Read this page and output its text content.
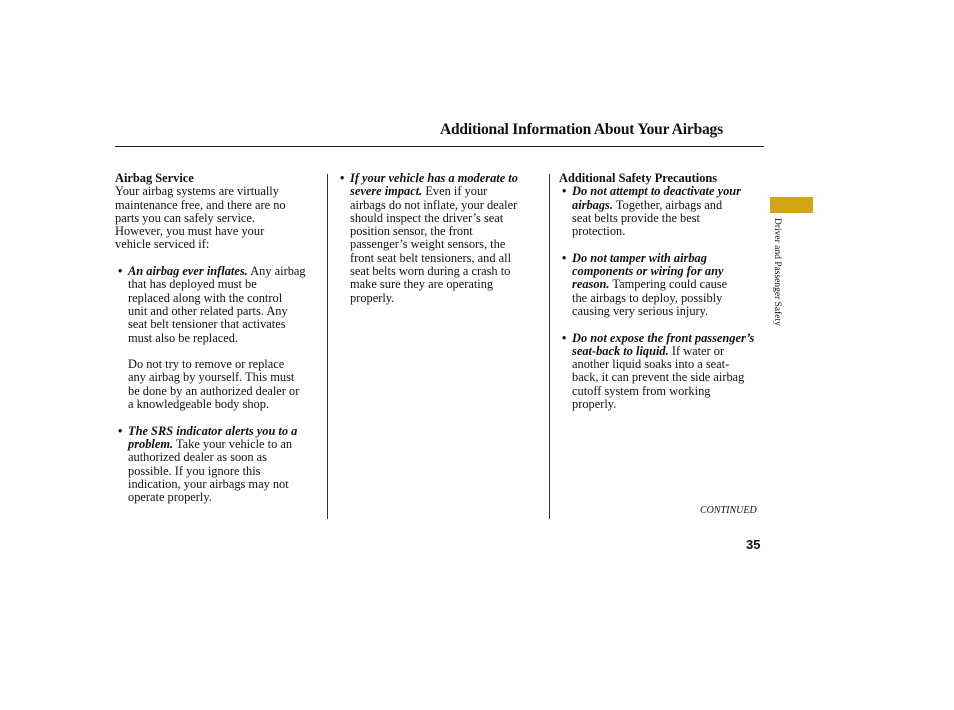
Additional Information About Your Airbags

Airbag Service

Your airbag systems are virtually

maintenance free, and there are no

parts you can safely service.

However, you must have your

vehicle serviced if:

• An airbag ever inflates. Any airbag

that has deployed must be

replaced along with the control

unit and other related parts. Any

seat belt tensioner that activates

must also be replaced.

Do not try to remove or replace

any airbag by yourself. This must

be done by an authorized dealer or

a knowledgeable body shop.

• The SRS indicator alerts you to a

problem. Take your vehicle to an

authorized dealer as soon as

possible. If you ignore this

indication, your airbags may not

operate properly.

• If your vehicle has a moderate to

severe impact. Even if your

airbags do not inflate, your dealer

should inspect the driver’s seat

position sensor, the front

passenger’s weight sensors, the

front seat belt tensioners, and all

seat belts worn during a crash to

make sure they are operating

properly.

Additional Safety Precautions

• Do not attempt to deactivate your

airbags. Together, airbags and

seat belts provide the best

protection.

• Do not tamper with airbag

components or wiring for any

reason. Tampering could cause

the airbags to deploy, possibly

causing very serious injury.

• Do not expose the front passenger’s

seat-back to liquid. If water or

another liquid soaks into a seat-

back, it can prevent the side airbag

cutoff system from working

properly.

Driver and Passenger Safety
CONTINUED
35
